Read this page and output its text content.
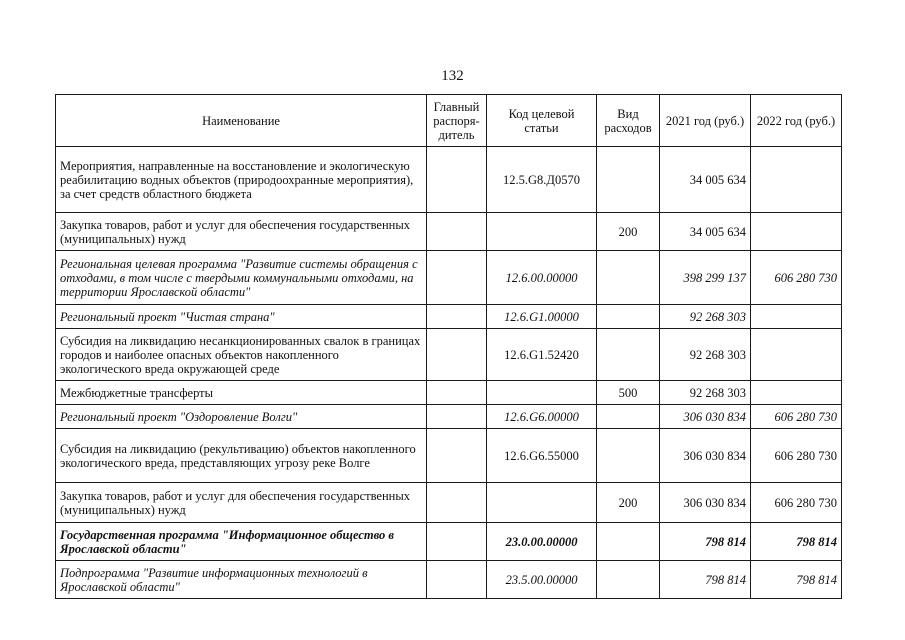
132
Наименование	Главный распоря-дитель	Код целевой статьи	Вид расходов	2021 год (руб.)	2022 год (руб.)
Мероприятия, направленные на восстановление и экологическую реабилитацию водных объектов (природоохранные мероприятия), за счет средств областного бюджета		12.5.G8.Д0570		34 005 634	
Закупка товаров, работ и услуг для обеспечения государственных (муниципальных) нужд			200	34 005 634	
Региональная целевая программа "Развитие системы обращения с отходами, в том числе с твердыми коммунальными отходами, на территории Ярославской области"		12.6.00.00000		398 299 137	606 280 730
Региональный проект "Чистая страна"		12.6.G1.00000		92 268 303	
Субсидия на ликвидацию несанкционированных свалок в границах городов и наиболее опасных объектов накопленного экологического вреда окружающей среде		12.6.G1.52420		92 268 303	
Межбюджетные трансферты			500	92 268 303	
Региональный проект "Оздоровление Волги"		12.6.G6.00000		306 030 834	606 280 730
Субсидия на ликвидацию (рекультивацию) объектов накопленного экологического вреда, представляющих угрозу реке Волге		12.6.G6.55000		306 030 834	606 280 730
Закупка товаров, работ и услуг для обеспечения государственных (муниципальных) нужд			200	306 030 834	606 280 730
Государственная программа "Информационное общество в Ярославской области"		23.0.00.00000		798 814	798 814
Подпрограмма "Развитие информационных технологий в Ярославской области"		23.5.00.00000		798 814	798 814
